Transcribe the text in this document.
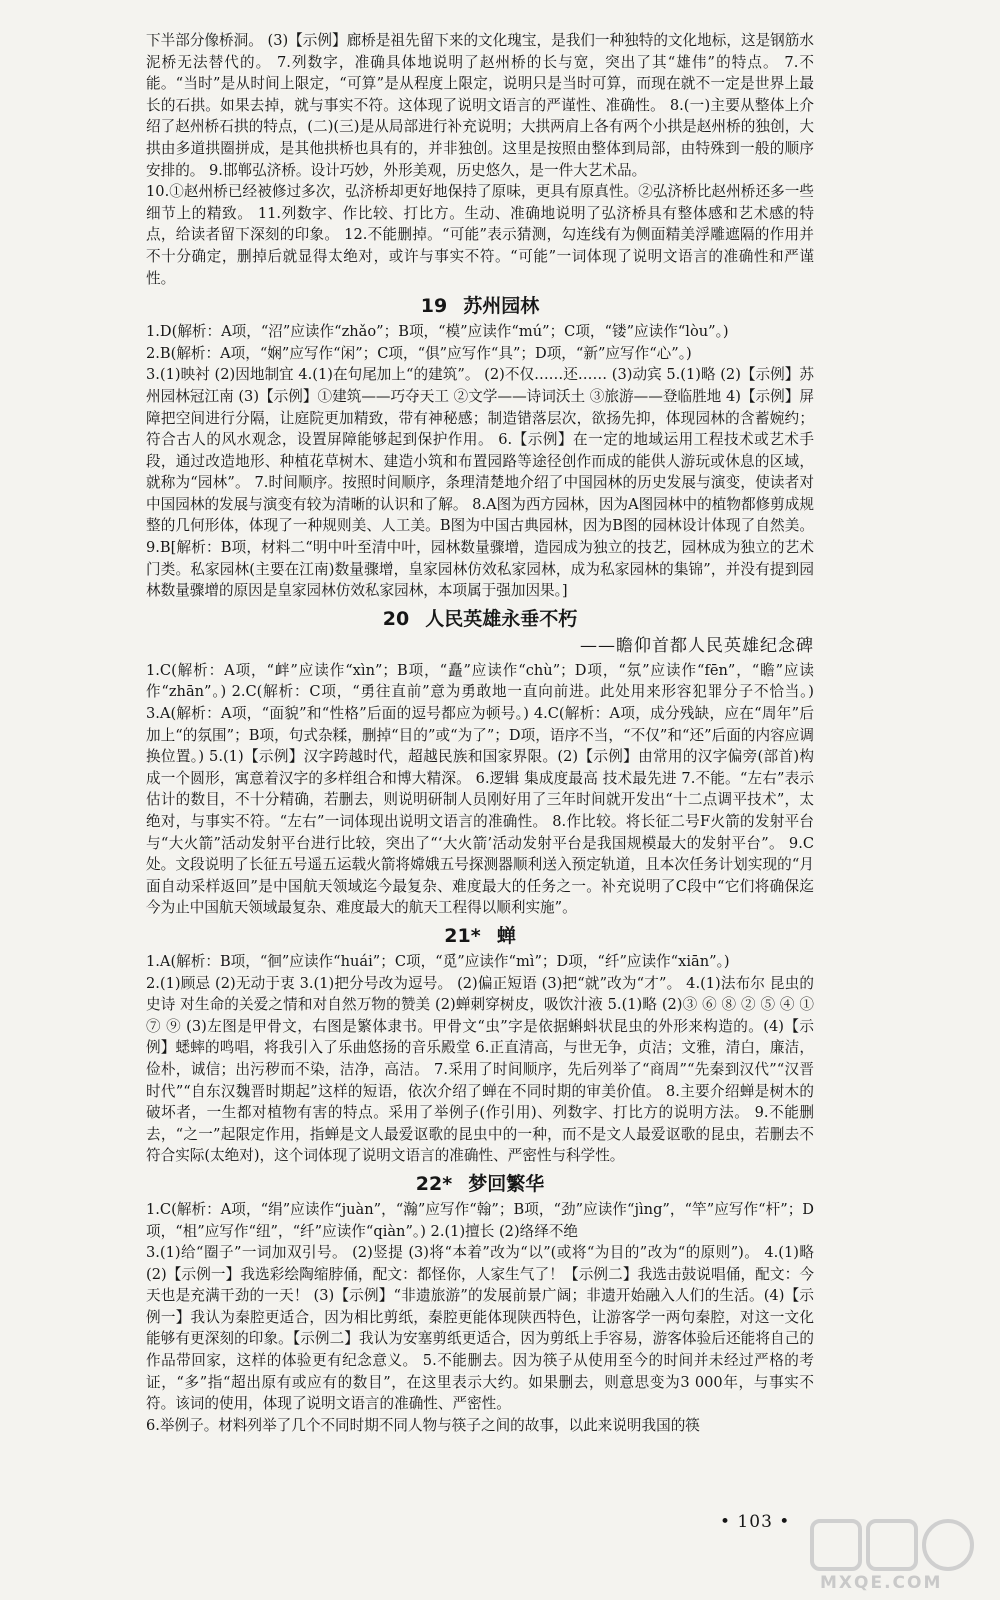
下半部分像桥洞。 (3)【示例】廊桥是祖先留下来的文化瑰宝，是我们一种独特的文化地标，这是钢筋水泥桥无法替代的。 7.列数字，准确具体地说明了赵州桥的长与宽，突出了其“雄伟”的特点。 7.不能。“当时”是从时间上限定，“可算”是从程度上限定，说明只是当时可算，而现在就不一定是世界上最长的石拱。如果去掉，就与事实不符。这体现了说明文语言的严谨性、准确性。 8.(一)主要从整体上介绍了赵州桥石拱的特点，(二)(三)是从局部进行补充说明；大拱两肩上各有两个小拱是赵州桥的独创，大拱由多道拱圈拼成，是其他拱桥也具有的，并非独创。这里是按照由整体到局部，由特殊到一般的顺序安排的。 9.邯郸弘济桥。设计巧妙，外形美观，历史悠久，是一件大艺术品。

10.①赵州桥已经被修过多次，弘济桥却更好地保持了原味，更具有原真性。②弘济桥比赵州桥还多一些细节上的精致。 11.列数字、作比较、打比方。生动、准确地说明了弘济桥具有整体感和艺术感的特点，给读者留下深刻的印象。 12.不能删掉。“可能”表示猜测，勾连线有为侧面精美浮雕遮隔的作用并不十分确定，删掉后就显得太绝对，或许与事实不符。“可能”一词体现了说明文语言的准确性和严谨性。

19 苏州园林

1.D(解析：A项，“沼”应读作“zhǎo”；B项，“模”应读作“mú”；C项，“镂”应读作“lòu”。)

2.B(解析：A项，“娴”应写作“闲”；C项，“俱”应写作“具”；D项，“新”应写作“心”。)

3.(1)映衬 (2)因地制宜 4.(1)在句尾加上“的建筑”。 (2)不仅……还…… (3)动宾 5.(1)略 (2)【示例】苏州园林冠江南 (3)【示例】①建筑——巧夺天工 ②文学——诗词沃土 ③旅游——登临胜地 4)【示例】屏障把空间进行分隔，让庭院更加精致，带有神秘感；制造错落层次，欲扬先抑，体现园林的含蓄婉约；符合古人的风水观念，设置屏障能够起到保护作用。 6.【示例】在一定的地域运用工程技术或艺术手段，通过改造地形、种植花草树木、建造小筑和布置园路等途径创作而成的能供人游玩或休息的区域，就称为“园林”。 7.时间顺序。按照时间顺序，条理清楚地介绍了中国园林的历史发展与演变，使读者对中国园林的发展与演变有较为清晰的认识和了解。 8.A图为西方园林，因为A图园林中的植物都修剪成规整的几何形体，体现了一种规则美、人工美。B图为中国古典园林，因为B图的园林设计体现了自然美。 9.B[解析：B项，材料二“明中叶至清中叶，园林数量骤增，造园成为独立的技艺，园林成为独立的艺术门类。私家园林(主要在江南)数量骤增，皇家园林仿效私家园林，成为私家园林的集锦”，并没有提到园林数量骤增的原因是皇家园林仿效私家园林，本项属于强加因果。]

20 人民英雄永垂不朽
——瞻仰首都人民英雄纪念碑

1.C(解析：A项，“衅”应读作“xìn”；B项，“矗”应读作“chù”；D项，“氛”应读作“fēn”，“瞻”应读作“zhān”。) 2.C(解析：C项，“勇往直前”意为勇敢地一直向前进。此处用来形容犯罪分子不恰当。) 3.A(解析：A项，“面貌”和“性格”后面的逗号都应为顿号。) 4.C(解析：A项，成分残缺，应在“周年”后加上“的氛围”；B项，句式杂糅，删掉“目的”或“为了”；D项，语序不当，“不仅”和“还”后面的内容应调换位置。) 5.(1)【示例】汉字跨越时代，超越民族和国家界限。(2)【示例】由常用的汉字偏旁(部首)构成一个圆形，寓意着汉字的多样组合和博大精深。 6.逻辑 集成度最高 技术最先进 7.不能。“左右”表示估计的数目，不十分精确，若删去，则说明研制人员刚好用了三年时间就开发出“十二点调平技术”，太绝对，与事实不符。“左右”一词体现出说明文语言的准确性。 8.作比较。将长征二号F火箭的发射平台与“大火箭”活动发射平台进行比较，突出了“‘大火箭’活动发射平台是我国规模最大的发射平台”。 9.C处。文段说明了长征五号遥五运载火箭将嫦娥五号探测器顺利送入预定轨道，且本次任务计划实现的“月面自动采样返回”是中国航天领域迄今最复杂、难度最大的任务之一。补充说明了C段中“它们将确保迄今为止中国航天领域最复杂、难度最大的航天工程得以顺利实施”。

21* 蝉

1.A(解析：B项，“徊”应读作“huái”；C项，“觅”应读作“mì”；D项，“纤”应读作“xiān”。)

2.(1)顾忌 (2)无动于衷 3.(1)把分号改为逗号。 (2)偏正短语 (3)把“就”改为“才”。 4.(1)法布尔 昆虫的史诗 对生命的关爱之情和对自然万物的赞美 (2)蝉刺穿树皮，吸饮汁液 5.(1)略 (2)③ ⑥ ⑧ ② ⑤ ④ ① ⑦ ⑨ (3)左图是甲骨文，右图是繁体隶书。甲骨文“虫”字是依据蝌蚪状昆虫的外形来构造的。(4)【示例】蟋蟀的鸣唱，将我引入了乐曲悠扬的音乐殿堂 6.正直清高，与世无争，贞洁；文雅，清白，廉洁，俭朴，诚信；出污秽而不染，洁净，高洁。 7.采用了时间顺序，先后列举了“商周”“先秦到汉代”“汉晋时代”“自东汉魏晋时期起”这样的短语，依次介绍了蝉在不同时期的审美价值。 8.主要介绍蝉是树木的破坏者，一生都对植物有害的特点。采用了举例子(作引用)、列数字、打比方的说明方法。 9.不能删去，“之一”起限定作用，指蝉是文人最爱讴歌的昆虫中的一种，而不是文人最爱讴歌的昆虫，若删去不符合实际(太绝对)，这个词体现了说明文语言的准确性、严密性与科学性。

22* 梦回繁华

1.C(解析：A项，“绢”应读作“juàn”，“瀚”应写作“翰”；B项，“劲”应读作“jìng”，“竿”应写作“杆”；D项，“柤”应写作“纽”，“纤”应读作“qiàn”。) 2.(1)擅长 (2)络绎不绝

3.(1)给“圈子”一词加双引号。 (2)竖提 (3)将“本着”改为“以”(或将“为目的”改为“的原则”)。 4.(1)略 (2)【示例一】我选彩绘陶缩脖俑，配文：都怪你，人家生气了！【示例二】我选击鼓说唱俑，配文：今天也是充满干劲的一天！ (3)【示例】“非遗旅游”的发展前景广阔；非遗开始融入人们的生活。(4)【示例一】我认为秦腔更适合，因为相比剪纸，秦腔更能体现陕西特色，让游客学一两句秦腔，对这一文化能够有更深刻的印象。【示例二】我认为安塞剪纸更适合，因为剪纸上手容易，游客体验后还能将自己的作品带回家，这样的体验更有纪念意义。 5.不能删去。因为筷子从使用至今的时间并未经过严格的考证，“多”指“超出原有或应有的数目”，在这里表示大约。如果删去，则意思变为3 000年，与事实不符。该词的使用，体现了说明文语言的准确性、严密性。

6.举例子。材料列举了几个不同时期不同人物与筷子之间的故事，以此来说明我国的筷

• 103 •
MXQE.COM
